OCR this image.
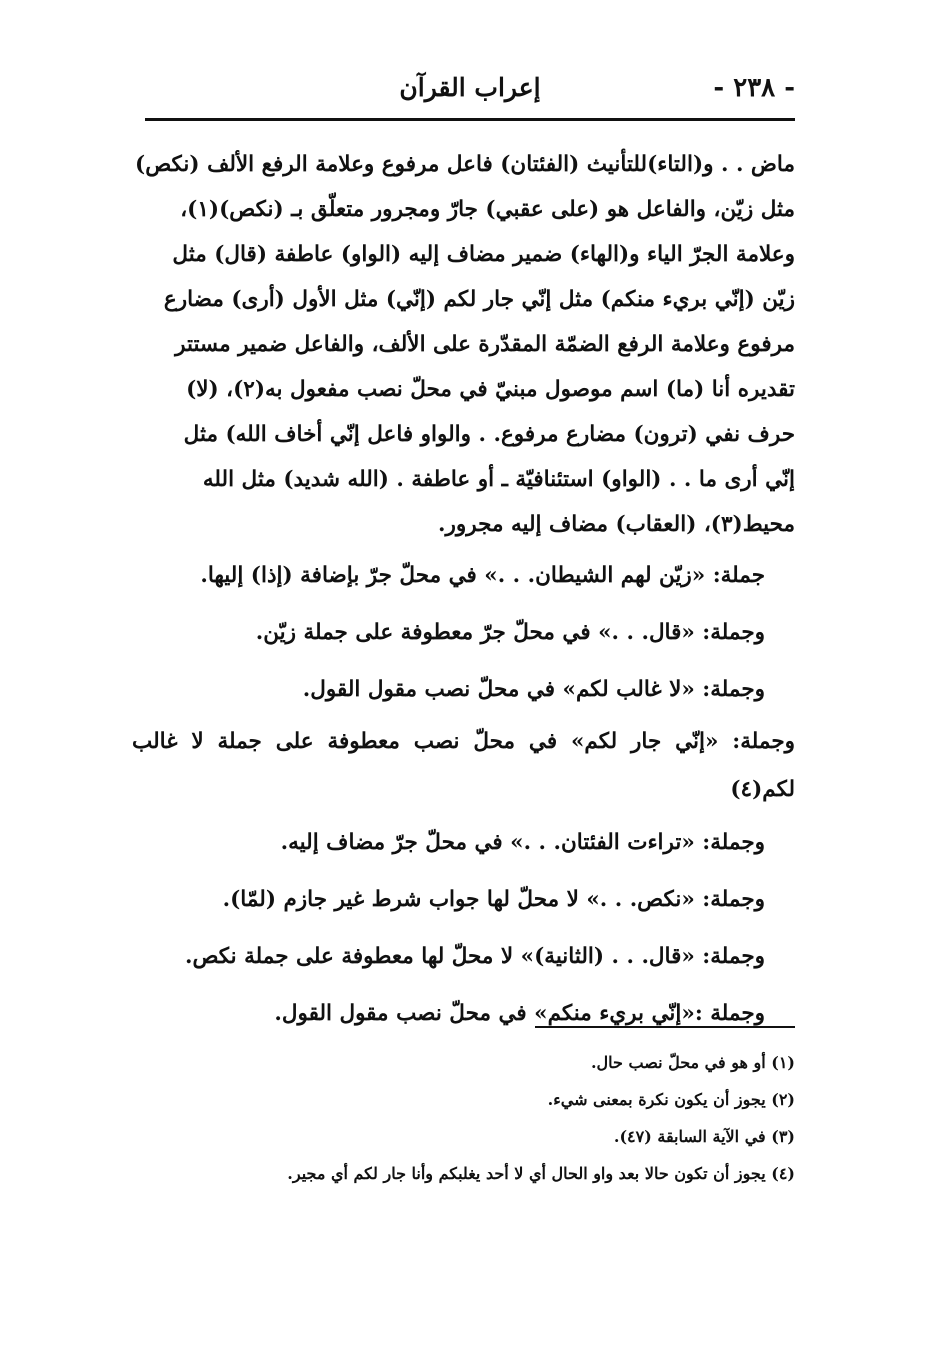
- ٢٣٨ -
إعراب القرآن
ماض . . و(التاء)للتأنيث (الفئتان) فاعل مرفوع وعلامة الرفع الألف (نكص)
مثل زيّن، والفاعل هو (على عقبي) جارّ ومجرور متعلّق بـ (نكص)(١)،
وعلامة الجرّ الياء و(الهاء) ضمير مضاف إليه (الواو) عاطفة (قال) مثل
زيّن (إنّي بريء منكم) مثل إنّي جار لكم (إنّي) مثل الأول (أرى) مضارع
مرفوع وعلامة الرفع الضمّة المقدّرة على الألف، والفاعل ضمير مستتر
تقديره أنا (ما) اسم موصول مبنيّ في محلّ نصب مفعول به(٢)، (لا)
حرف نفي (ترون) مضارع مرفوع. . والواو فاعل إنّي أخاف الله) مثل
إنّي أرى ما . . (الواو) استئنافيّة ـ أو عاطفة . (الله شديد) مثل الله
محيط(٣)، (العقاب) مضاف إليه مجرور.
جملة: «زيّن لهم الشيطان. . .» في محلّ جرّ بإضافة (إذا) إليها.
وجملة: «قال. . .» في محلّ جرّ معطوفة على جملة زيّن.
وجملة: «لا غالب لكم» في محلّ نصب مقول القول.
وجملة: «إنّي جار لكم» في محلّ نصب معطوفة على جملة لا غالب لكم(٤)
وجملة: «تراءت الفئتان. . .» في محلّ جرّ مضاف إليه.
وجملة: «نكص. . .» لا محلّ لها جواب شرط غير جازم (لمّا).
وجملة: «قال. . . (الثانية)» لا محلّ لها معطوفة على جملة نكص.
وجملة :«إنّي بريء منكم» في محلّ نصب مقول القول.
(١) أو هو في محلّ نصب حال.
(٢) يجوز أن يكون نكرة بمعنى شيء.
(٣) في الآية السابقة (٤٧).
(٤) يجوز أن تكون حالا بعد واو الحال أي لا أحد يغلبكم وأنا جار لكم أي مجير.
